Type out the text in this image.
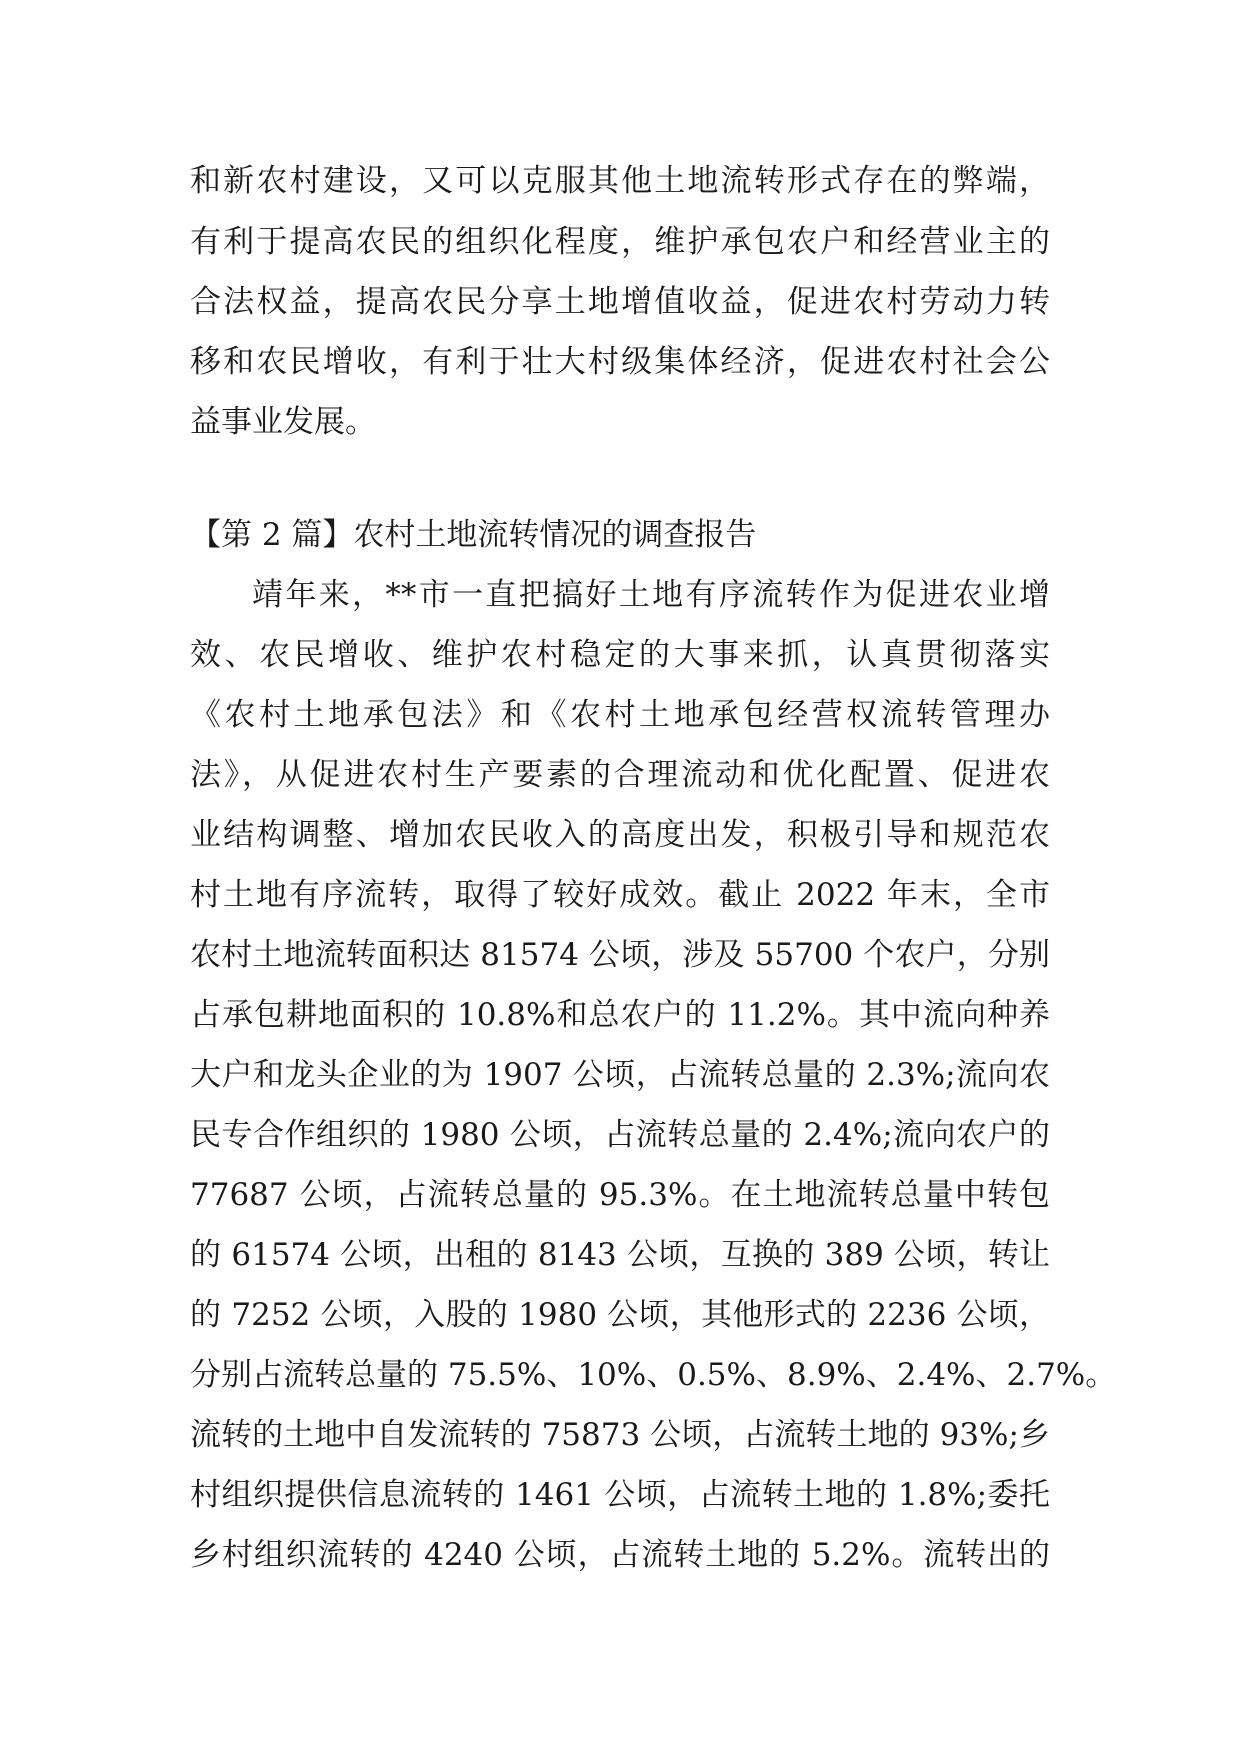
和新农村建设，又可以克服其他土地流转形式存在的弊端，
有利于提高农民的组织化程度，维护承包农户和经营业主的
合法权益，提高农民分享土地增值收益，促进农村劳动力转
移和农民增收，有利于壮大村级集体经济，促进农村社会公
益事业发展。
【第 2 篇】农村土地流转情况的调查报告
靖年来，**市一直把搞好土地有序流转作为促进农业增
效、农民增收、维护农村稳定的大事来抓，认真贯彻落实
《农村土地承包法》和《农村土地承包经营权流转管理办
法》，从促进农村生产要素的合理流动和优化配置、促进农
业结构调整、增加农民收入的高度出发，积极引导和规范农
村土地有序流转，取得了较好成效。截止 2022 年末，全市
农村土地流转面积达 81574 公顷，涉及 55700 个农户，分别
占承包耕地面积的 10.8%和总农户的 11.2%。其中流向种养
大户和龙头企业的为 1907 公顷，占流转总量的 2.3%;流向农
民专合作组织的 1980 公顷，占流转总量的 2.4%;流向农户的
77687 公顷，占流转总量的 95.3%。在土地流转总量中转包
的 61574 公顷，出租的 8143 公顷，互换的 389 公顷，转让
的 7252 公顷，入股的 1980 公顷，其他形式的 2236 公顷，
分别占流转总量的 75.5%、10%、0.5%、8.9%、2.4%、2.7%。
流转的土地中自发流转的 75873 公顷，占流转土地的 93%;乡
村组织提供信息流转的 1461 公顷，占流转土地的 1.8%;委托
乡村组织流转的 4240 公顷，占流转土地的 5.2%。流转出的
